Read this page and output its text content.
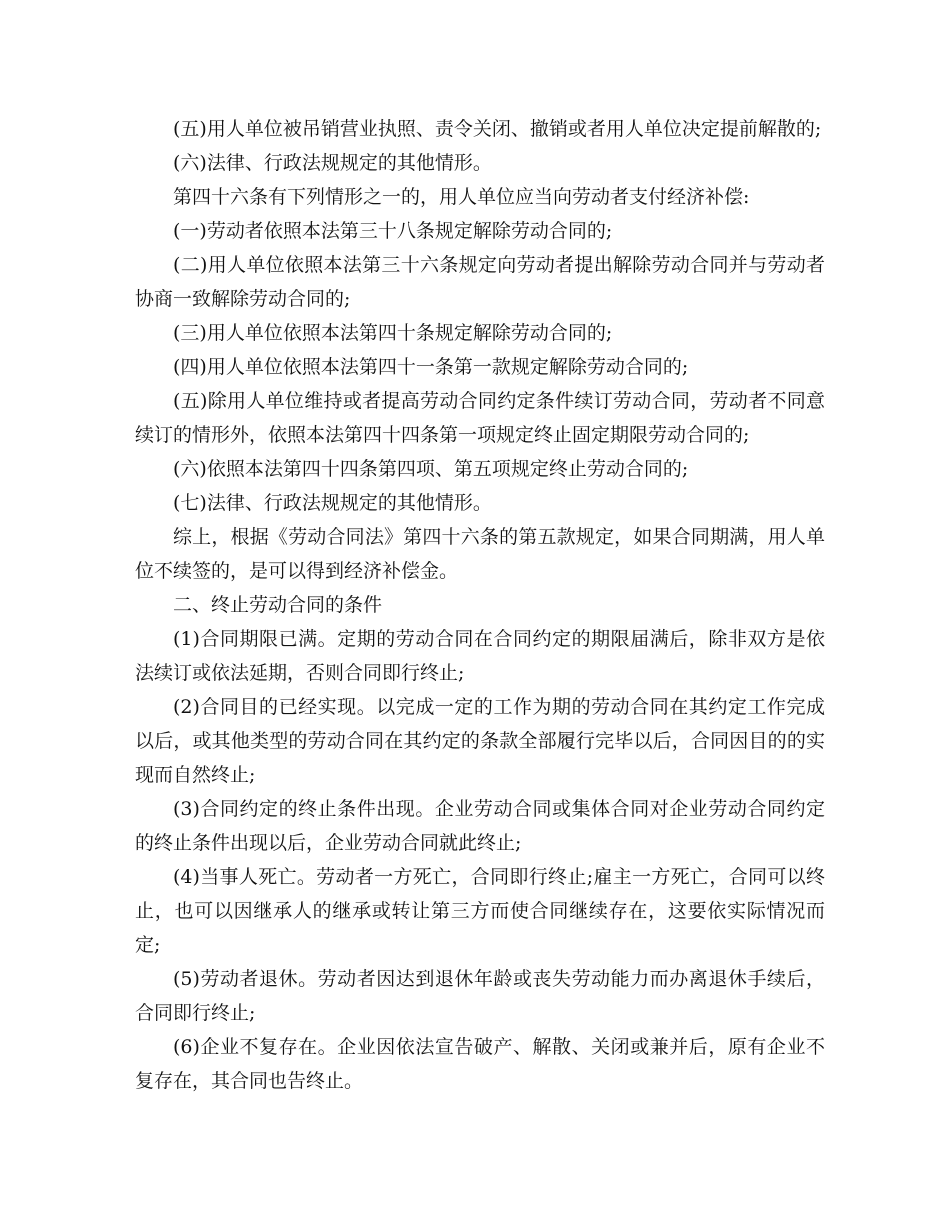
(五)用人单位被吊销营业执照、责令关闭、撤销或者用人单位决定提前解散的;

(六)法律、行政法规规定的其他情形。

第四十六条有下列情形之一的，用人单位应当向劳动者支付经济补偿:

(一)劳动者依照本法第三十八条规定解除劳动合同的;

(二)用人单位依照本法第三十六条规定向劳动者提出解除劳动合同并与劳动者协商一致解除劳动合同的;

(三)用人单位依照本法第四十条规定解除劳动合同的;

(四)用人单位依照本法第四十一条第一款规定解除劳动合同的;

(五)除用人单位维持或者提高劳动合同约定条件续订劳动合同，劳动者不同意续订的情形外，依照本法第四十四条第一项规定终止固定期限劳动合同的;

(六)依照本法第四十四条第四项、第五项规定终止劳动合同的;

(七)法律、行政法规规定的其他情形。

综上，根据《劳动合同法》第四十六条的第五款规定，如果合同期满，用人单位不续签的，是可以得到经济补偿金。

二、终止劳动合同的条件

(1)合同期限已满。定期的劳动合同在合同约定的期限届满后，除非双方是依法续订或依法延期，否则合同即行终止;

(2)合同目的已经实现。以完成一定的工作为期的劳动合同在其约定工作完成以后，或其他类型的劳动合同在其约定的条款全部履行完毕以后，合同因目的的实现而自然终止;

(3)合同约定的终止条件出现。企业劳动合同或集体合同对企业劳动合同约定的终止条件出现以后，企业劳动合同就此终止;

(4)当事人死亡。劳动者一方死亡，合同即行终止;雇主一方死亡，合同可以终止，也可以因继承人的继承或转让第三方而使合同继续存在，这要依实际情况而定;

(5)劳动者退休。劳动者因达到退休年龄或丧失劳动能力而办离退休手续后，合同即行终止;

(6)企业不复存在。企业因依法宣告破产、解散、关闭或兼并后，原有企业不复存在，其合同也告终止。
